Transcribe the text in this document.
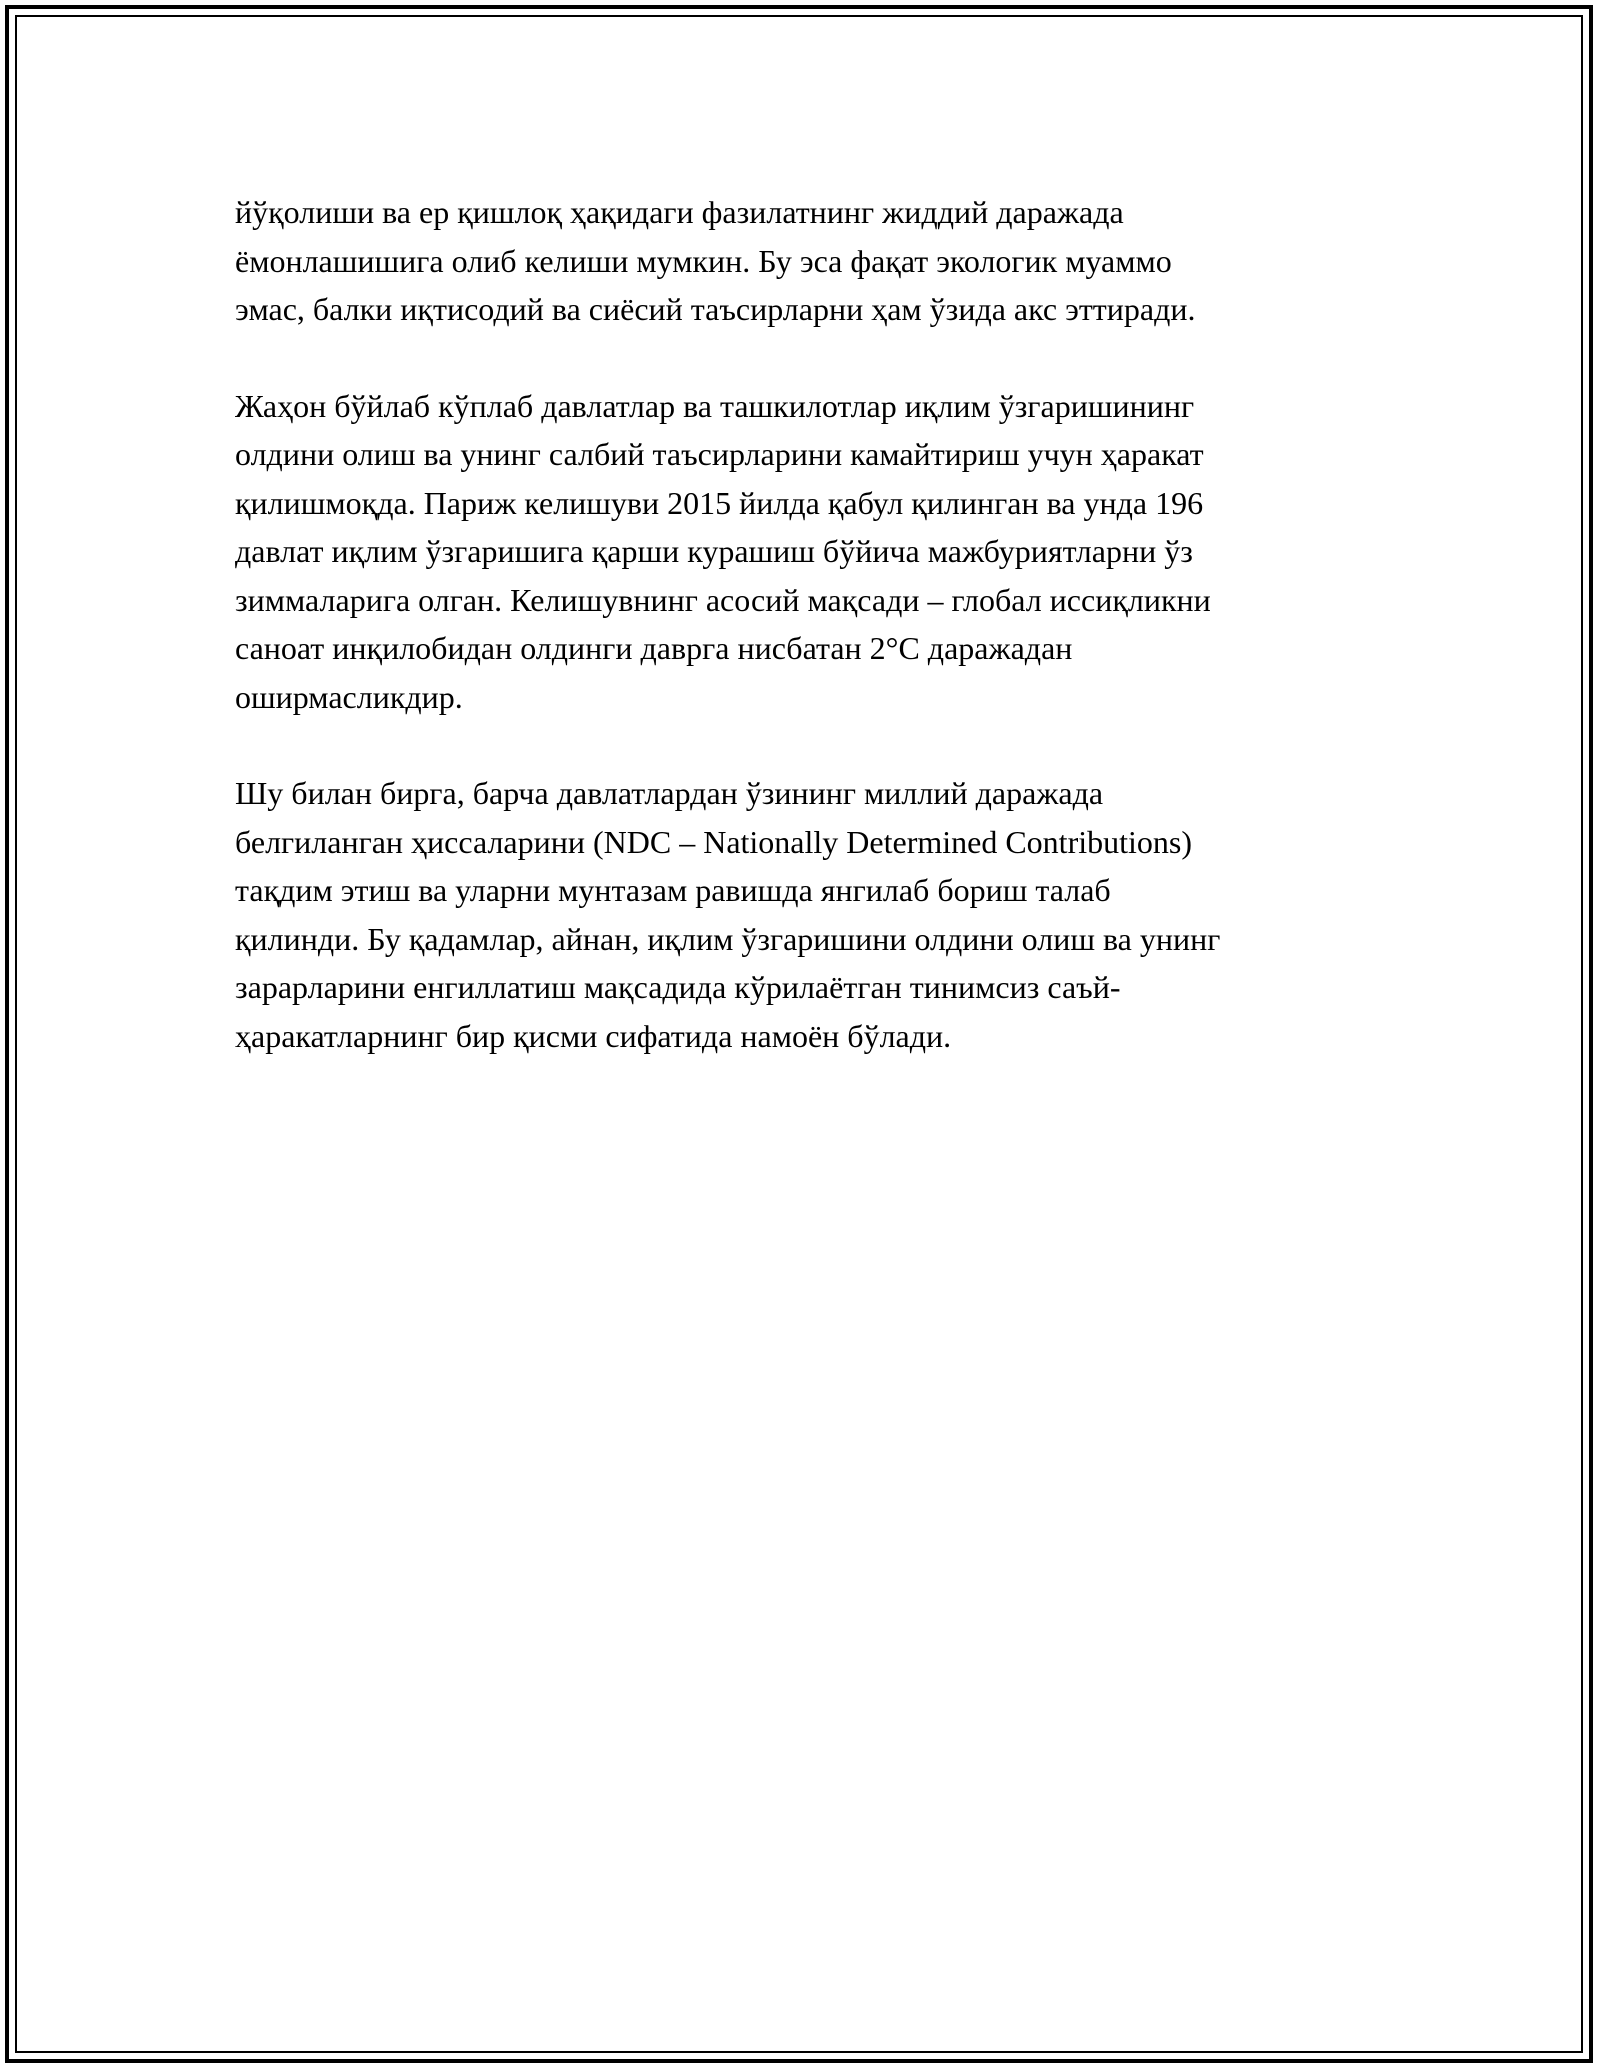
йўқолиши ва ер қишлоқ ҳақидаги фазилатнинг жиддий даражада
ёмонлашишига олиб келиши мумкин. Бу эса фақат экологик муаммо
эмас, балки иқтисодий ва сиёсий таъсирларни ҳам ўзида акс эттиради.

Жаҳон бўйлаб кўплаб давлатлар ва ташкилотлар иқлим ўзгаришининг
олдини олиш ва унинг салбий таъсирларини камайтириш учун ҳаракат
қилишмоқда. Париж келишуви 2015 йилда қабул қилинган ва унда 196
давлат иқлим ўзгаришига қарши курашиш бўйича мажбуриятларни ўз
зиммаларига олган. Келишувнинг асосий мақсади – глобал иссиқликни
саноат инқилобидан олдинги даврга нисбатан 2°C даражадан
оширмасликдир.

Шу билан бирга, барча давлатлардан ўзининг миллий даражада
белгиланган ҳиссаларини (NDC – Nationally Determined Contributions)
тақдим этиш ва уларни мунтазам равишда янгилаб бориш талаб
қилинди. Бу қадамлар, айнан, иқлим ўзгаришини олдини олиш ва унинг
зарарларини енгиллатиш мақсадида кўрилаётган тинимсиз саъй-
ҳаракатларнинг бир қисми сифатида намоён бўлади.
